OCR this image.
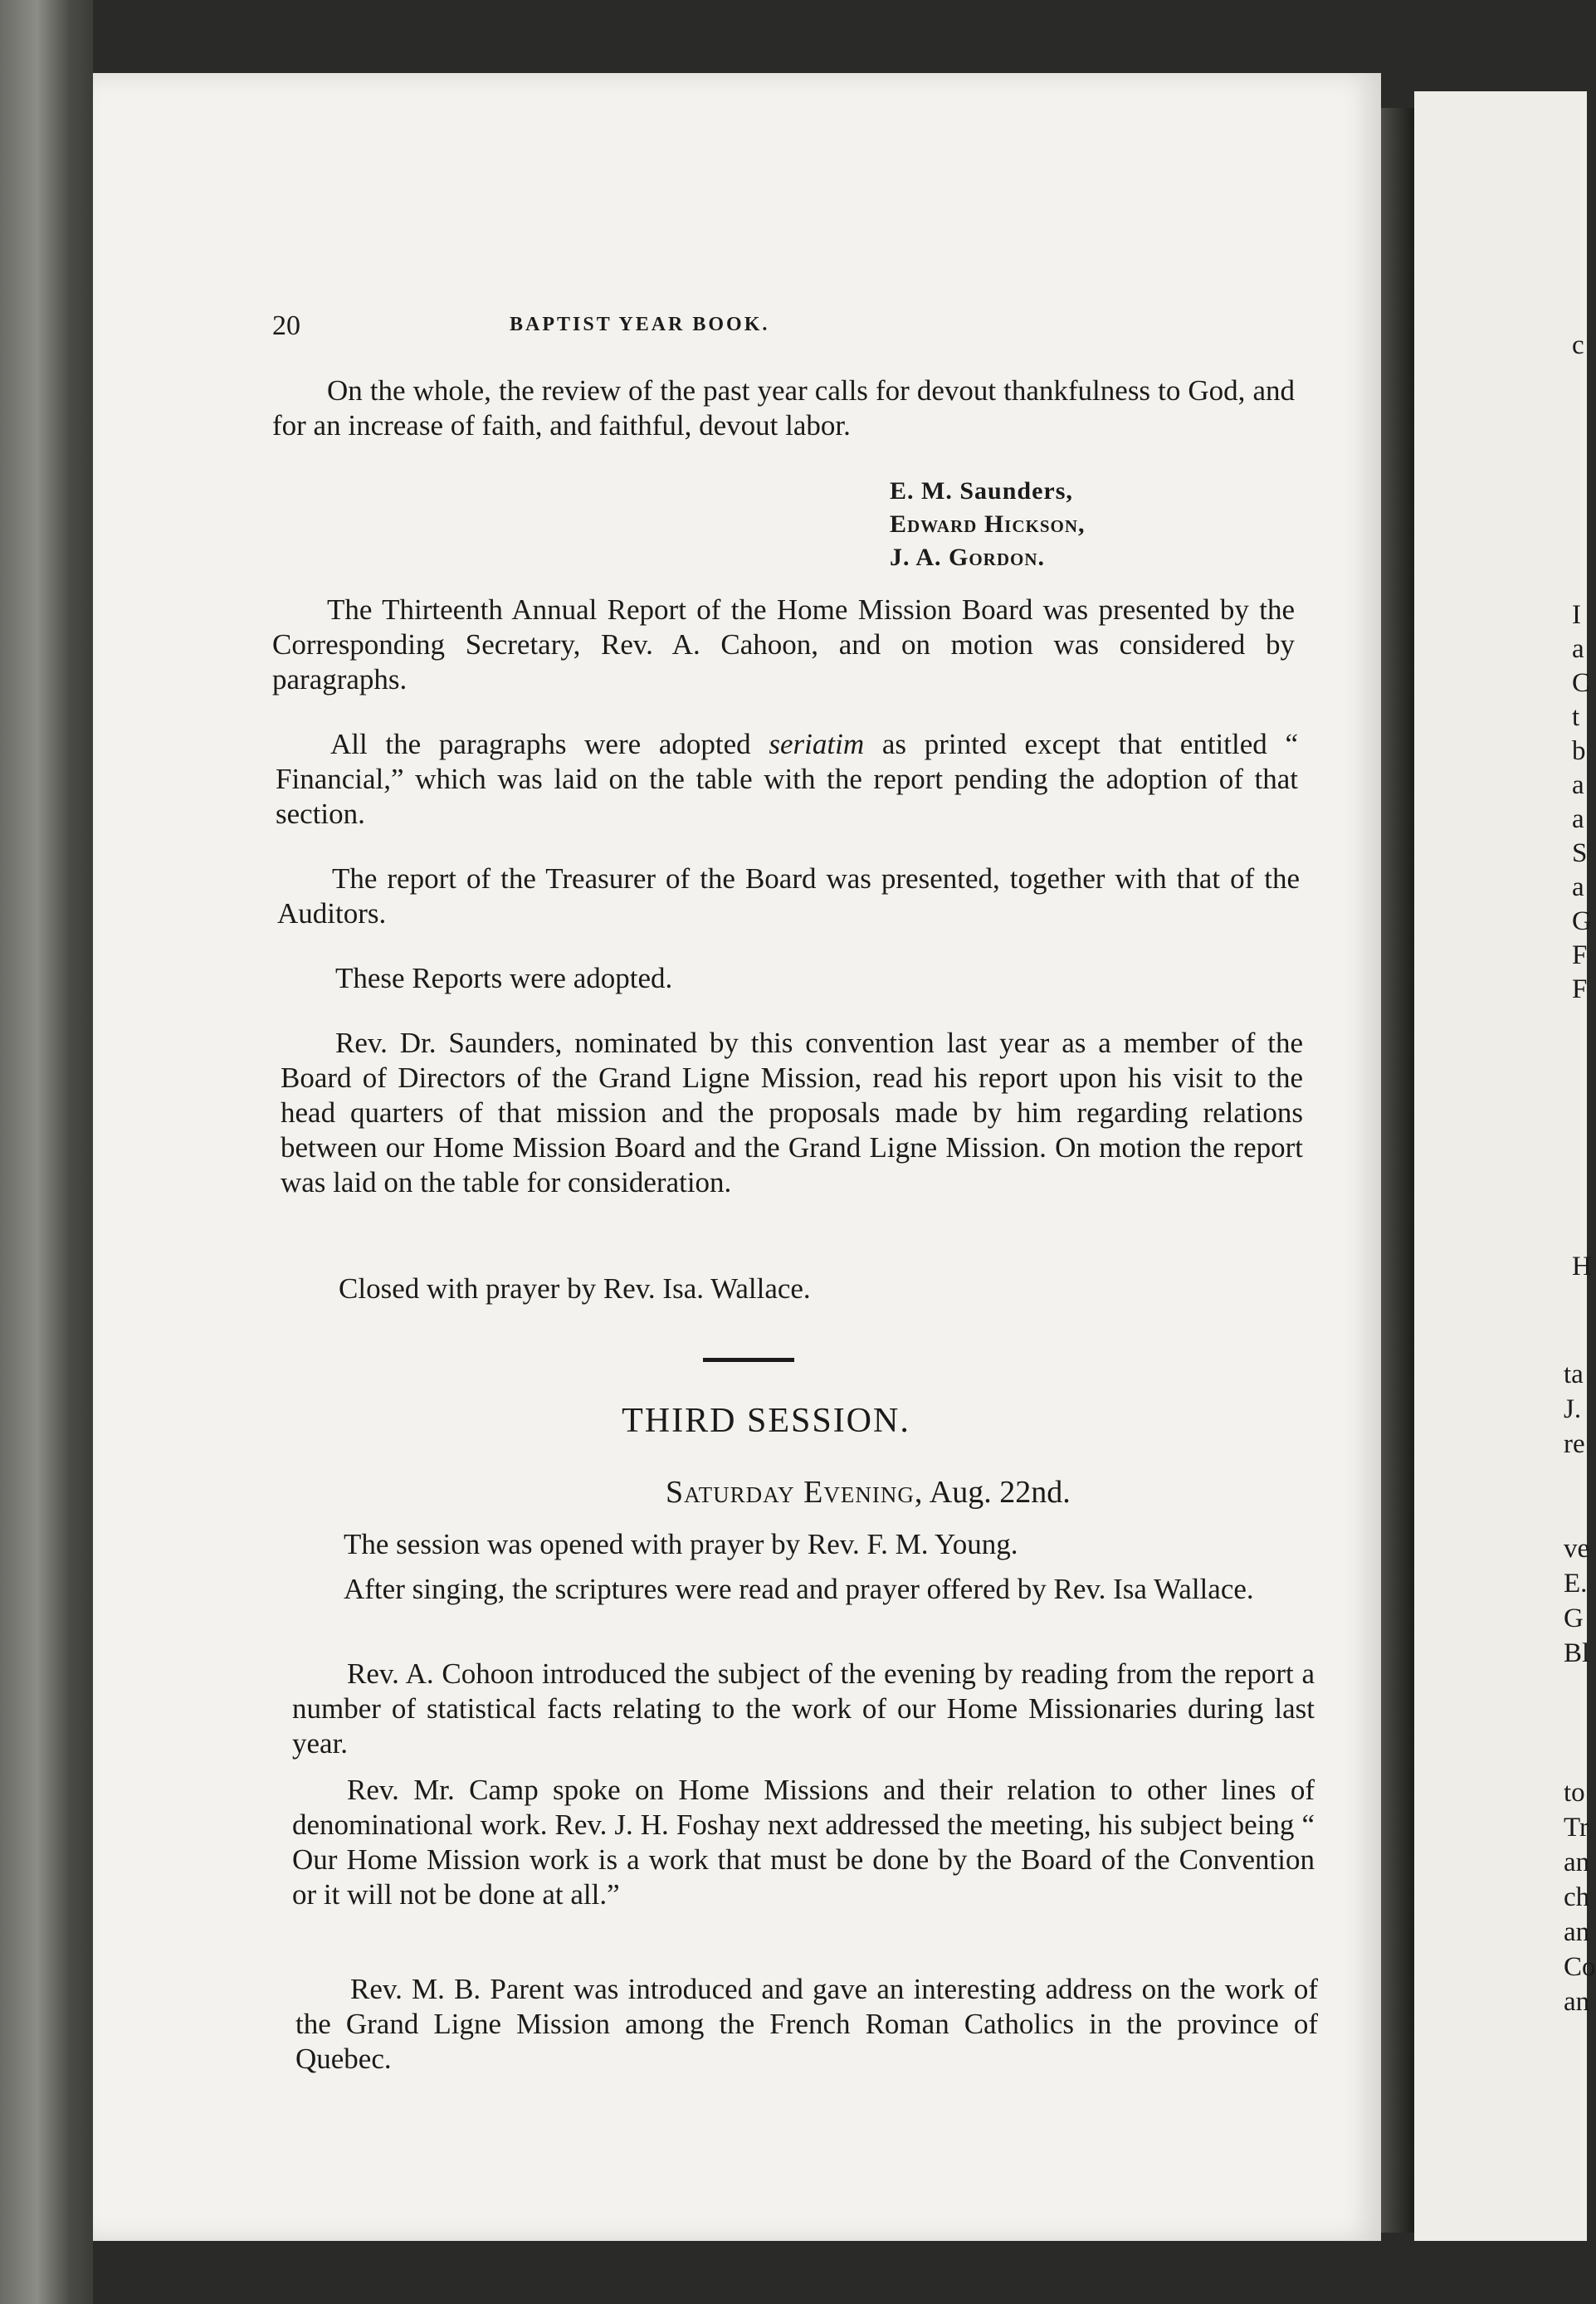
20	BAPTIST YEAR BOOK.

On the whole, the review of the past year calls for devout thankfulness to God, and for an increase of faith, and faithful, devout labor.

E. M. Saunders,
Edward Hickson,
J. A. Gordon.

The Thirteenth Annual Report of the Home Mission Board was presented by the Corresponding Secretary, Rev. A. Cahoon, and on motion was considered by paragraphs.

All the paragraphs were adopted seriatim as printed except that entitled “ Financial,” which was laid on the table with the report pending the adoption of that section.

The report of the Treasurer of the Board was presented, together with that of the Auditors.

These Reports were adopted.

Rev. Dr. Saunders, nominated by this convention last year as a member of the Board of Directors of the Grand Ligne Mission, read his report upon his visit to the head quarters of that mission and the proposals made by him regarding relations between our Home Mission Board and the Grand Ligne Mission. On motion the report was laid on the table for consideration.

Closed with prayer by Rev. Isa. Wallace.

THIRD SESSION.
Saturday Evening, Aug. 22nd.

The session was opened with prayer by Rev. F. M. Young.

After singing, the scriptures were read and prayer offered by Rev. Isa Wallace.

Rev. A. Cohoon introduced the subject of the evening by reading from the report a number of statistical facts relating to the work of our Home Missionaries during last year.

Rev. Mr. Camp spoke on Home Missions and their relation to other lines of denominational work. Rev. J. H. Foshay next addressed the meeting, his subject being “ Our Home Mission work is a work that must be done by the Board of the Convention or it will not be done at all.”

Rev. M. B. Parent was introduced and gave an interesting address on the work of the Grand Ligne Mission among the French Roman Catholics in the province of Quebec.

c
I
a
C
t
b
a
a
S
a
G
F
F
H
ta
J.
re
ve
E.
G
Bl
to
Tr
an
ch
an
Co
an
